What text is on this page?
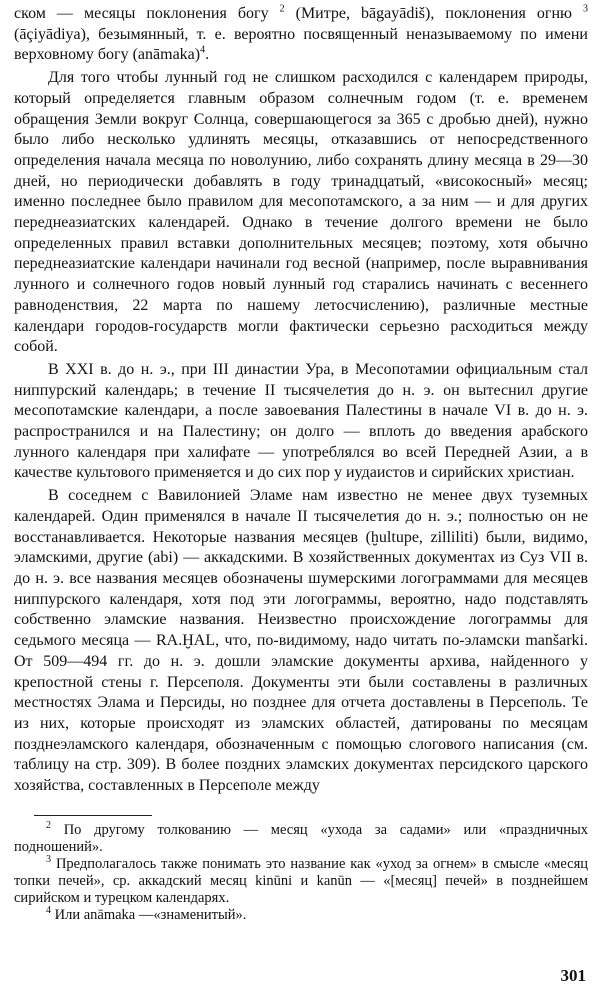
ском — месяцы поклонения богу $^2$ (Митре, bāgayādiš), поклонения огню $^3$ (āçiyādiya), безымянный, т. е. вероятно посвященный неназываемому по имени верховному богу (anāmaka)$^4$.

Для того чтобы лунный год не слишком расходился с календарем природы, который определяется главным образом солнечным годом (т. е. временем обращения Земли вокруг Солнца, совершающегося за 365 с дробью дней), нужно было либо несколько удлинять месяцы, отказавшись от непосредственного определения начала месяца по новолунию, либо сохранять длину месяца в 29—30 дней, но периодически добавлять в году тринадцатый, «високосный» месяц; именно последнее было правилом для месопотамского, а за ним — и для других переднеазиатских календарей. Однако в течение долгого времени не было определенных правил вставки дополнительных месяцев; поэтому, хотя обычно переднеазиатские календари начинали год весной (например, после выравнивания лунного и солнечного годов новый лунный год старались начинать с весеннего равноденствия, 22 марта по нашему летосчислению), различные местные календари городов-государств могли фактически серьезно расходиться между собой.

В XXI в. до н. э., при III династии Ура, в Месопотамии официальным стал ниппурский календарь; в течение II тысячелетия до н. э. он вытеснил другие месопотамские календари, а после завоевания Палестины в начале VI в. до н. э. распространился и на Палестину; он долго — вплоть до введения арабского лунного календаря при халифате — употреблялся во всей Передней Азии, а в качестве культового применяется и до сих пор у иудаистов и сирийских христиан.

В соседнем с Вавилонией Эламе нам известно не менее двух туземных календарей. Один применялся в начале II тысячелетия до н. э.; полностью он не восстанавливается. Некоторые названия месяцев (ḫultupe, zilliliti) были, видимо, эламскими, другие (abi) — аккадскими. В хозяйственных документах из Суз VII в. до н. э. все названия месяцев обозначены шумерскими логограммами для месяцев ниппурского календаря, хотя под эти логограммы, вероятно, надо подставлять собственно эламские названия. Неизвестно происхождение логограммы для седьмого месяца — RA.ḪAL, что, по-видимому, надо читать по-эламски manšarki. От 509—494 гг. до н. э. дошли эламские документы архива, найденного у крепостной стены г. Персеполя. Документы эти были составлены в различных местностях Элама и Персиды, но позднее для отчета доставлены в Персеполь. Те из них, которые происходят из эламских областей, датированы по месяцам позднеэламского календаря, обозначенным с помощью слогового написания (см. таблицу на стр. 309). В более поздних эламских документах персидского царского хозяйства, составленных в Персеполе между

$^2$ По другому толкованию — месяц «ухода за садами» или «праздничных подношений».

$^3$ Предполагалось также понимать это название как «уход за огнем» в смысле «месяц топки печей», ср. аккадский месяц kinūni и kanūn — «[месяц] печей» в позднейшем сирийском и турецком календарях.

$^4$ Или anāmaka —«знаменитый».

301
